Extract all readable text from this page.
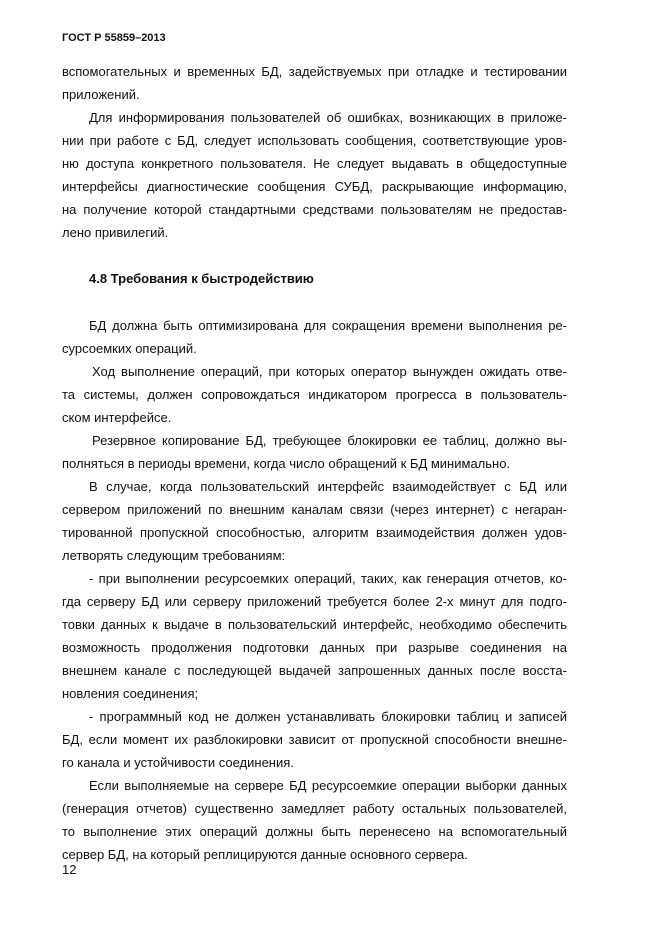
ГОСТ Р 55859–2013
вспомогательных и временных БД, задействуемых при отладке и тестировании
приложений.
Для информирования пользователей об ошибках, возникающих в приложе-
нии при работе с БД, следует использовать сообщения, соответствующие уров-
ню доступа конкретного пользователя. Не следует выдавать в общедоступные
интерфейсы диагностические сообщения СУБД, раскрывающие информацию,
на получение которой стандартными средствами пользователям не предостав-
лено привилегий.
БД должна быть оптимизирована для сокращения времени выполнения ре-
сурсоемких операций.
Ход выполнение операций, при которых оператор вынужден ожидать отве-
та системы, должен сопровождаться индикатором прогресса в пользователь-
ском интерфейсе.
Резервное копирование БД, требующее блокировки ее таблиц, должно вы-
полняться в периоды времени, когда число обращений к БД минимально.
В случае, когда пользовательский интерфейс взаимодействует с БД или
сервером приложений по внешним каналам связи (через интернет) с негаран-
тированной пропускной способностью, алгоритм взаимодействия должен удов-
летворять следующим требованиям:
- при выполнении ресурсоемких операций, таких, как генерация отчетов, ко-
гда серверу БД или серверу приложений требуется более 2-х минут для подго-
товки данных к выдаче в пользовательский интерфейс, необходимо обеспечить
возможность продолжения подготовки данных при разрыве соединения на
внешнем канале с последующей выдачей запрошенных данных после восста-
новления соединения;
- программный код не должен устанавливать блокировки таблиц и записей
БД, если момент их разблокировки зависит от пропускной способности внешне-
го канала и устойчивости соединения.
Если выполняемые на сервере БД ресурсоемкие операции выборки данных
(генерация отчетов) существенно замедляет работу остальных пользователей,
то выполнение этих операций должны быть перенесено на вспомогательный
сервер БД, на который реплицируются данные основного сервера.
4.8 Требования к быстродействию
12
